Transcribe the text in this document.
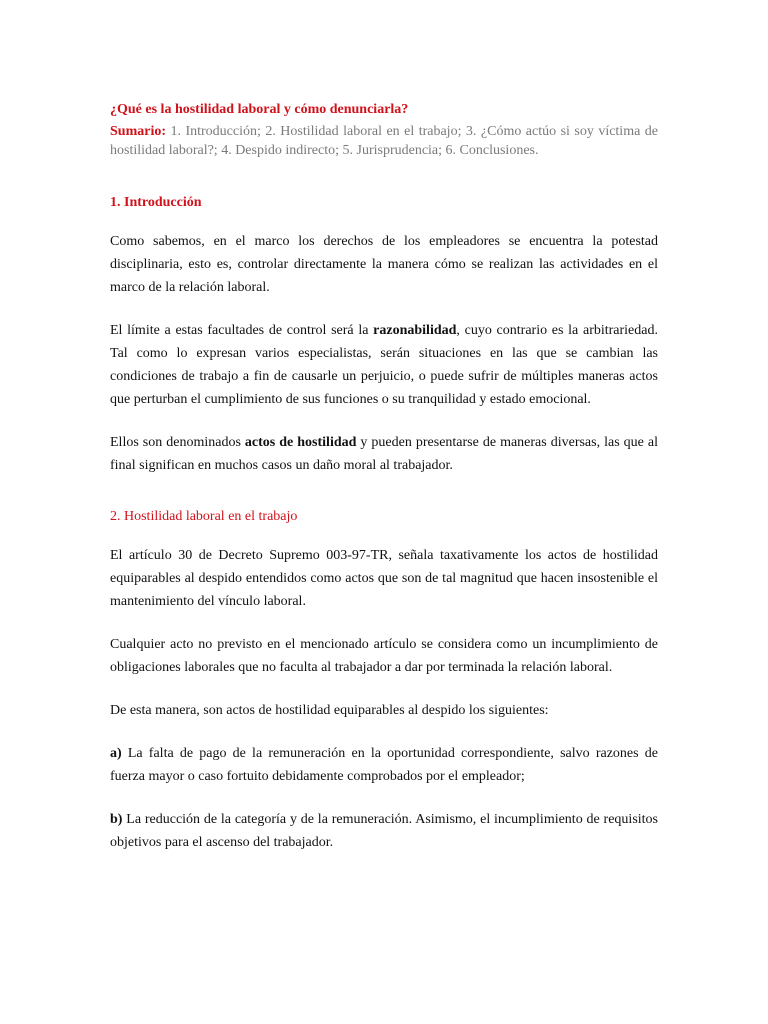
¿Qué es la hostilidad laboral y cómo denunciarla?

Sumario: 1. Introducción; 2. Hostilidad laboral en el trabajo; 3. ¿Cómo actúo si soy víctima de hostilidad laboral?; 4. Despido indirecto; 5. Jurisprudencia; 6. Conclusiones.

1. Introducción

Como sabemos, en el marco los derechos de los empleadores se encuentra la potestad disciplinaria, esto es, controlar directamente la manera cómo se realizan las actividades en el marco de la relación laboral.

El límite a estas facultades de control será la razonabilidad, cuyo contrario es la arbitrariedad. Tal como lo expresan varios especialistas, serán situaciones en las que se cambian las condiciones de trabajo a fin de causarle un perjuicio, o puede sufrir de múltiples maneras actos que perturban el cumplimiento de sus funciones o su tranquilidad y estado emocional.

Ellos son denominados actos de hostilidad y pueden presentarse de maneras diversas, las que al final significan en muchos casos un daño moral al trabajador.

2. Hostilidad laboral en el trabajo

El artículo 30 de Decreto Supremo 003-97-TR, señala taxativamente los actos de hostilidad equiparables al despido entendidos como actos que son de tal magnitud que hacen insostenible el mantenimiento del vínculo laboral.

Cualquier acto no previsto en el mencionado artículo se considera como un incumplimiento de obligaciones laborales que no faculta al trabajador a dar por terminada la relación laboral.

De esta manera, son actos de hostilidad equiparables al despido los siguientes:

a) La falta de pago de la remuneración en la oportunidad correspondiente, salvo razones de fuerza mayor o caso fortuito debidamente comprobados por el empleador;

b) La reducción de la categoría y de la remuneración. Asimismo, el incumplimiento de requisitos objetivos para el ascenso del trabajador.
